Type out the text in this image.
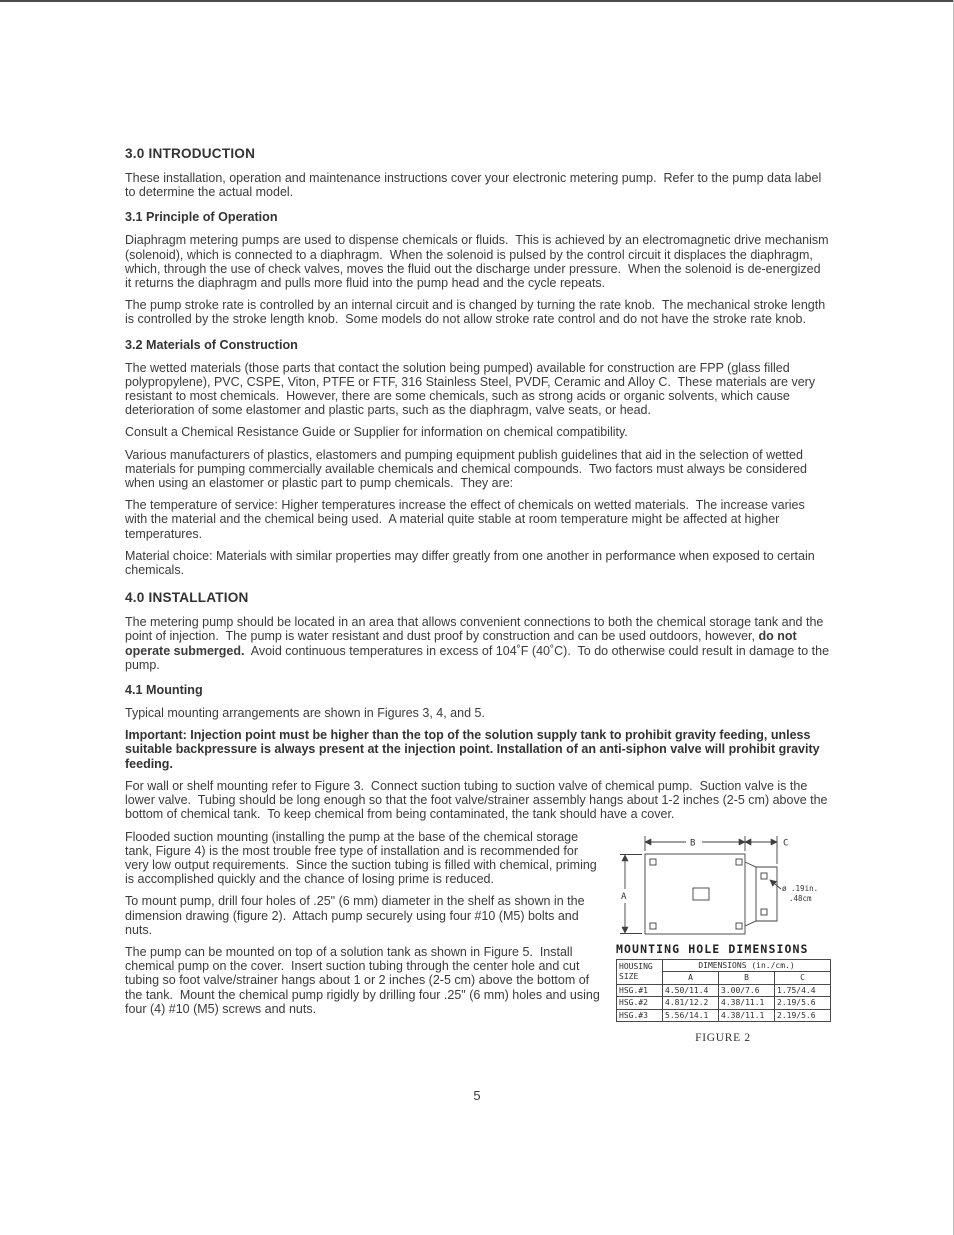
3.0 INTRODUCTION

These installation, operation and maintenance instructions cover your electronic metering pump.  Refer to the pump data label to determine the actual model.

3.1 Principle of Operation

Diaphragm metering pumps are used to dispense chemicals or fluids.  This is achieved by an electromagnetic drive mechanism (solenoid), which is connected to a diaphragm.  When the solenoid is pulsed by the control circuit it displaces the diaphragm, which, through the use of check valves, moves the fluid out the discharge under pressure.  When the solenoid is de-energized it returns the diaphragm and pulls more fluid into the pump head and the cycle repeats.

The pump stroke rate is controlled by an internal circuit and is changed by turning the rate knob.  The mechanical stroke length is controlled by the stroke length knob.  Some models do not allow stroke rate control and do not have the stroke rate knob.

3.2 Materials of Construction

The wetted materials (those parts that contact the solution being pumped) available for construction are FPP (glass filled polypropylene), PVC, CSPE, Viton, PTFE or FTF, 316 Stainless Steel, PVDF, Ceramic and Alloy C.  These materials are very resistant to most chemicals.  However, there are some chemicals, such as strong acids or organic solvents, which cause deterioration of some elastomer and plastic parts, such as the diaphragm, valve seats, or head.

Consult a Chemical Resistance Guide or Supplier for information on chemical compatibility.

Various manufacturers of plastics, elastomers and pumping equipment publish guidelines that aid in the selection of wetted materials for pumping commercially available chemicals and chemical compounds.  Two factors must always be considered when using an elastomer or plastic part to pump chemicals.  They are:

The temperature of service: Higher temperatures increase the effect of chemicals on wetted materials.  The increase varies with the material and the chemical being used.  A material quite stable at room temperature might be affected at higher temperatures.

Material choice: Materials with similar properties may differ greatly from one another in performance when exposed to certain chemicals.

4.0 INSTALLATION

The metering pump should be located in an area that allows convenient connections to both the chemical storage tank and the point of injection.  The pump is water resistant and dust proof by construction and can be used outdoors, however, do not operate submerged.  Avoid continuous temperatures in excess of 104˚F (40˚C).  To do otherwise could result in damage to the pump.

4.1 Mounting

Typical mounting arrangements are shown in Figures 3, 4, and 5.

Important: Injection point must be higher than the top of the solution supply tank to prohibit gravity feeding, unless suitable backpressure is always present at the injection point. Installation of an anti-siphon valve will prohibit gravity feeding.

For wall or shelf mounting refer to Figure 3.  Connect suction tubing to suction valve of chemical pump.  Suction valve is the lower valve.  Tubing should be long enough so that the foot valve/strainer assembly hangs about 1-2 inches (2-5 cm) above the bottom of chemical tank.  To keep chemical from being contaminated, the tank should have a cover.

A
B	C
ø .19in.
.48cm
MOUNTING HOLE DIMENSIONS
HOUSING
SIZE	DIMENSIONS (in./cm.)		
	A	B	C
HSG.#1	4.50/11.4	3.00/7.6	1.75/4.4
HSG.#2	4.81/12.2	4.38/11.1	2.19/5.6
HSG.#3	5.56/14.1	4.38/11.1	2.19/5.6
FIGURE 2

Flooded suction mounting (installing the pump at the base of the chemical storage tank, Figure 4) is the most trouble free type of installation and is recommended for very low output requirements.  Since the suction tubing is filled with chemical, priming is accomplished quickly and the chance of losing prime is reduced.

To mount pump, drill four holes of .25" (6 mm) diameter in the shelf as shown in the dimension drawing (figure 2).  Attach pump securely using four #10 (M5) bolts and nuts.

The pump can be mounted on top of a solution tank as shown in Figure 5.  Install chemical pump on the cover.  Insert suction tubing through the center hole and cut tubing so foot valve/strainer hangs about 1 or 2 inches (2-5 cm) above the bottom of the tank.  Mount the chemical pump rigidly by drilling four .25" (6 mm) holes and using four (4) #10 (M5) screws and nuts.

5
